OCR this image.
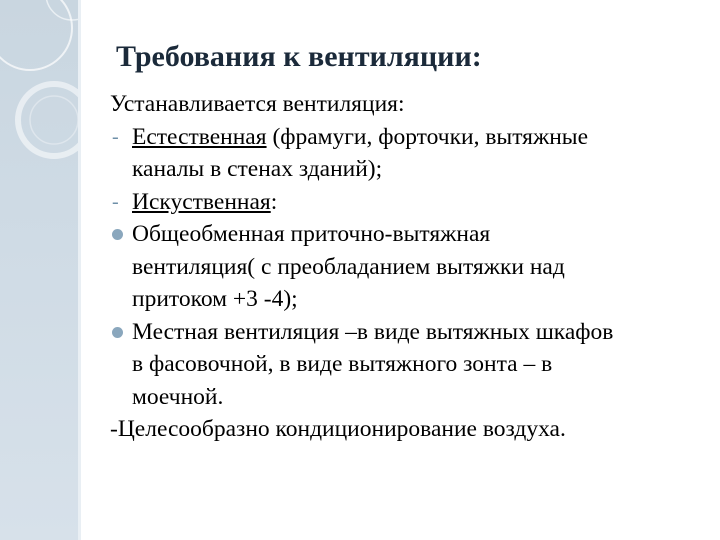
Требования к вентиляции:
Устанавливается вентиляция:
- Естественная (фрамуги, форточки, вытяжные
каналы в стенах зданий);
- Искуственная:
Общеобменная приточно-вытяжная
вентиляция( с преобладанием вытяжки над
притоком +3 -4);
Местная вентиляция –в виде вытяжных шкафов
в фасовочной, в виде вытяжного зонта – в
моечной.
-Целесообразно кондиционирование воздуха.
